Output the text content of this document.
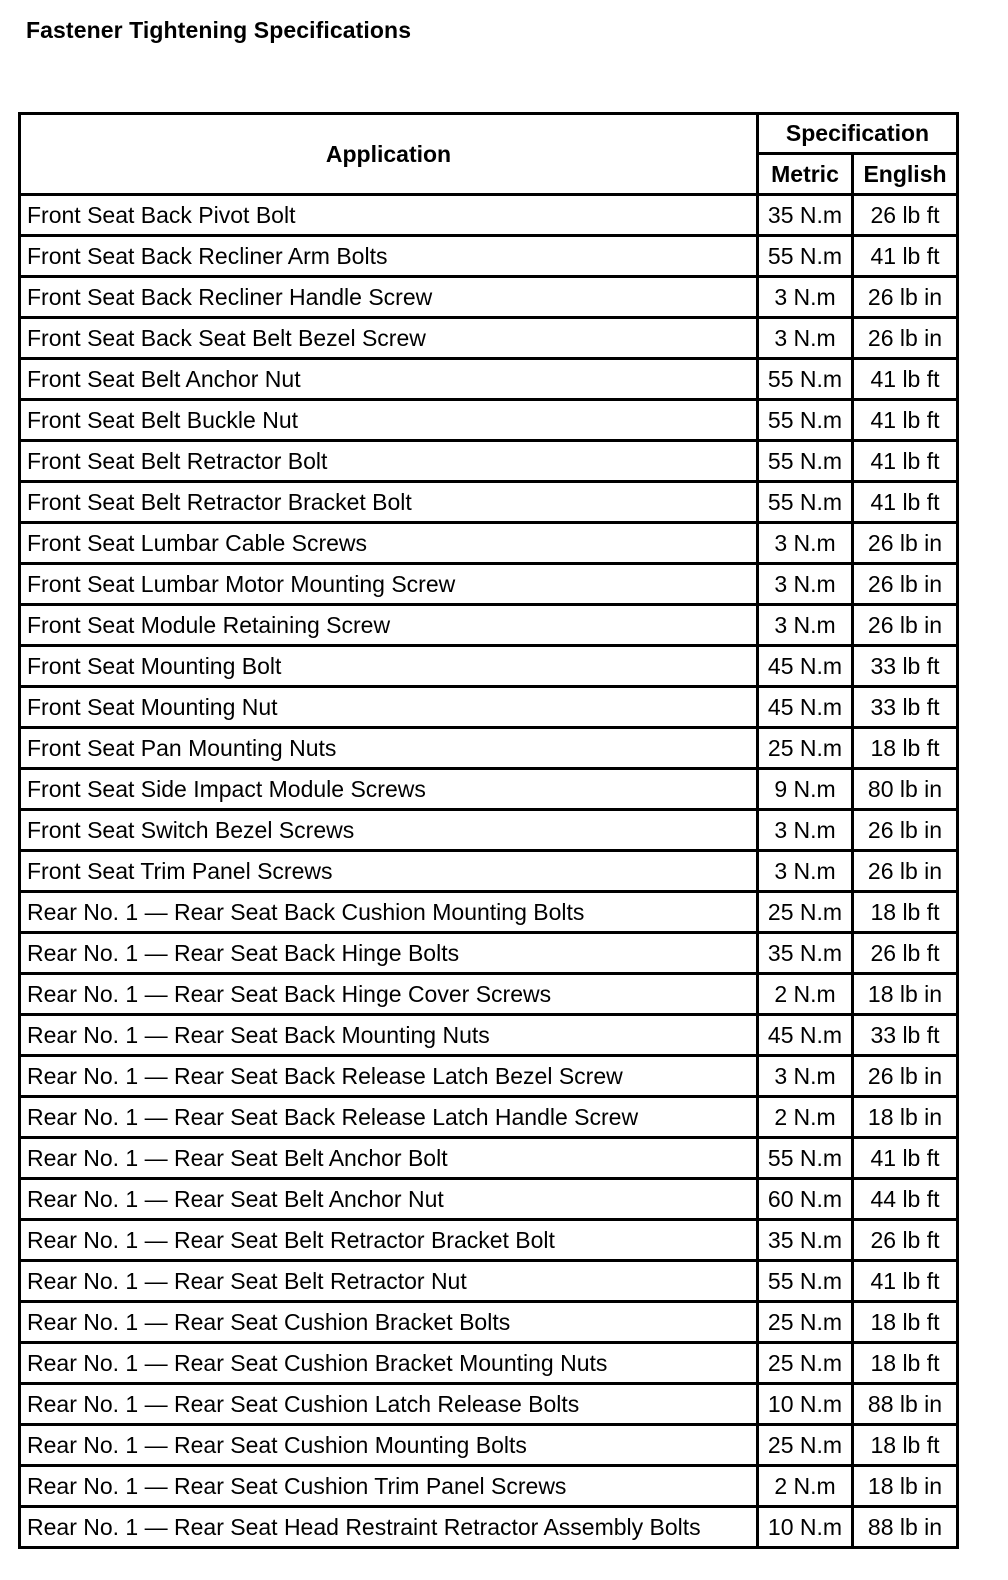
Fastener Tightening Specifications
Application	Specification	
	Metric	English
Front Seat Back Pivot Bolt	35 N.m	26 lb ft
Front Seat Back Recliner Arm Bolts	55 N.m	41 lb ft
Front Seat Back Recliner Handle Screw	3 N.m	26 lb in
Front Seat Back Seat Belt Bezel Screw	3 N.m	26 lb in
Front Seat Belt Anchor Nut	55 N.m	41 lb ft
Front Seat Belt Buckle Nut	55 N.m	41 lb ft
Front Seat Belt Retractor Bolt	55 N.m	41 lb ft
Front Seat Belt Retractor Bracket Bolt	55 N.m	41 lb ft
Front Seat Lumbar Cable Screws	3 N.m	26 lb in
Front Seat Lumbar Motor Mounting Screw	3 N.m	26 lb in
Front Seat Module Retaining Screw	3 N.m	26 lb in
Front Seat Mounting Bolt	45 N.m	33 lb ft
Front Seat Mounting Nut	45 N.m	33 lb ft
Front Seat Pan Mounting Nuts	25 N.m	18 lb ft
Front Seat Side Impact Module Screws	9 N.m	80 lb in
Front Seat Switch Bezel Screws	3 N.m	26 lb in
Front Seat Trim Panel Screws	3 N.m	26 lb in
Rear No. 1 — Rear Seat Back Cushion Mounting Bolts	25 N.m	18 lb ft
Rear No. 1 — Rear Seat Back Hinge Bolts	35 N.m	26 lb ft
Rear No. 1 — Rear Seat Back Hinge Cover Screws	2 N.m	18 lb in
Rear No. 1 — Rear Seat Back Mounting Nuts	45 N.m	33 lb ft
Rear No. 1 — Rear Seat Back Release Latch Bezel Screw	3 N.m	26 lb in
Rear No. 1 — Rear Seat Back Release Latch Handle Screw	2 N.m	18 lb in
Rear No. 1 — Rear Seat Belt Anchor Bolt	55 N.m	41 lb ft
Rear No. 1 — Rear Seat Belt Anchor Nut	60 N.m	44 lb ft
Rear No. 1 — Rear Seat Belt Retractor Bracket Bolt	35 N.m	26 lb ft
Rear No. 1 — Rear Seat Belt Retractor Nut	55 N.m	41 lb ft
Rear No. 1 — Rear Seat Cushion Bracket Bolts	25 N.m	18 lb ft
Rear No. 1 — Rear Seat Cushion Bracket Mounting Nuts	25 N.m	18 lb ft
Rear No. 1 — Rear Seat Cushion Latch Release Bolts	10 N.m	88 lb in
Rear No. 1 — Rear Seat Cushion Mounting Bolts	25 N.m	18 lb ft
Rear No. 1 — Rear Seat Cushion Trim Panel Screws	2 N.m	18 lb in
Rear No. 1 — Rear Seat Head Restraint Retractor Assembly Bolts	10 N.m	88 lb in
